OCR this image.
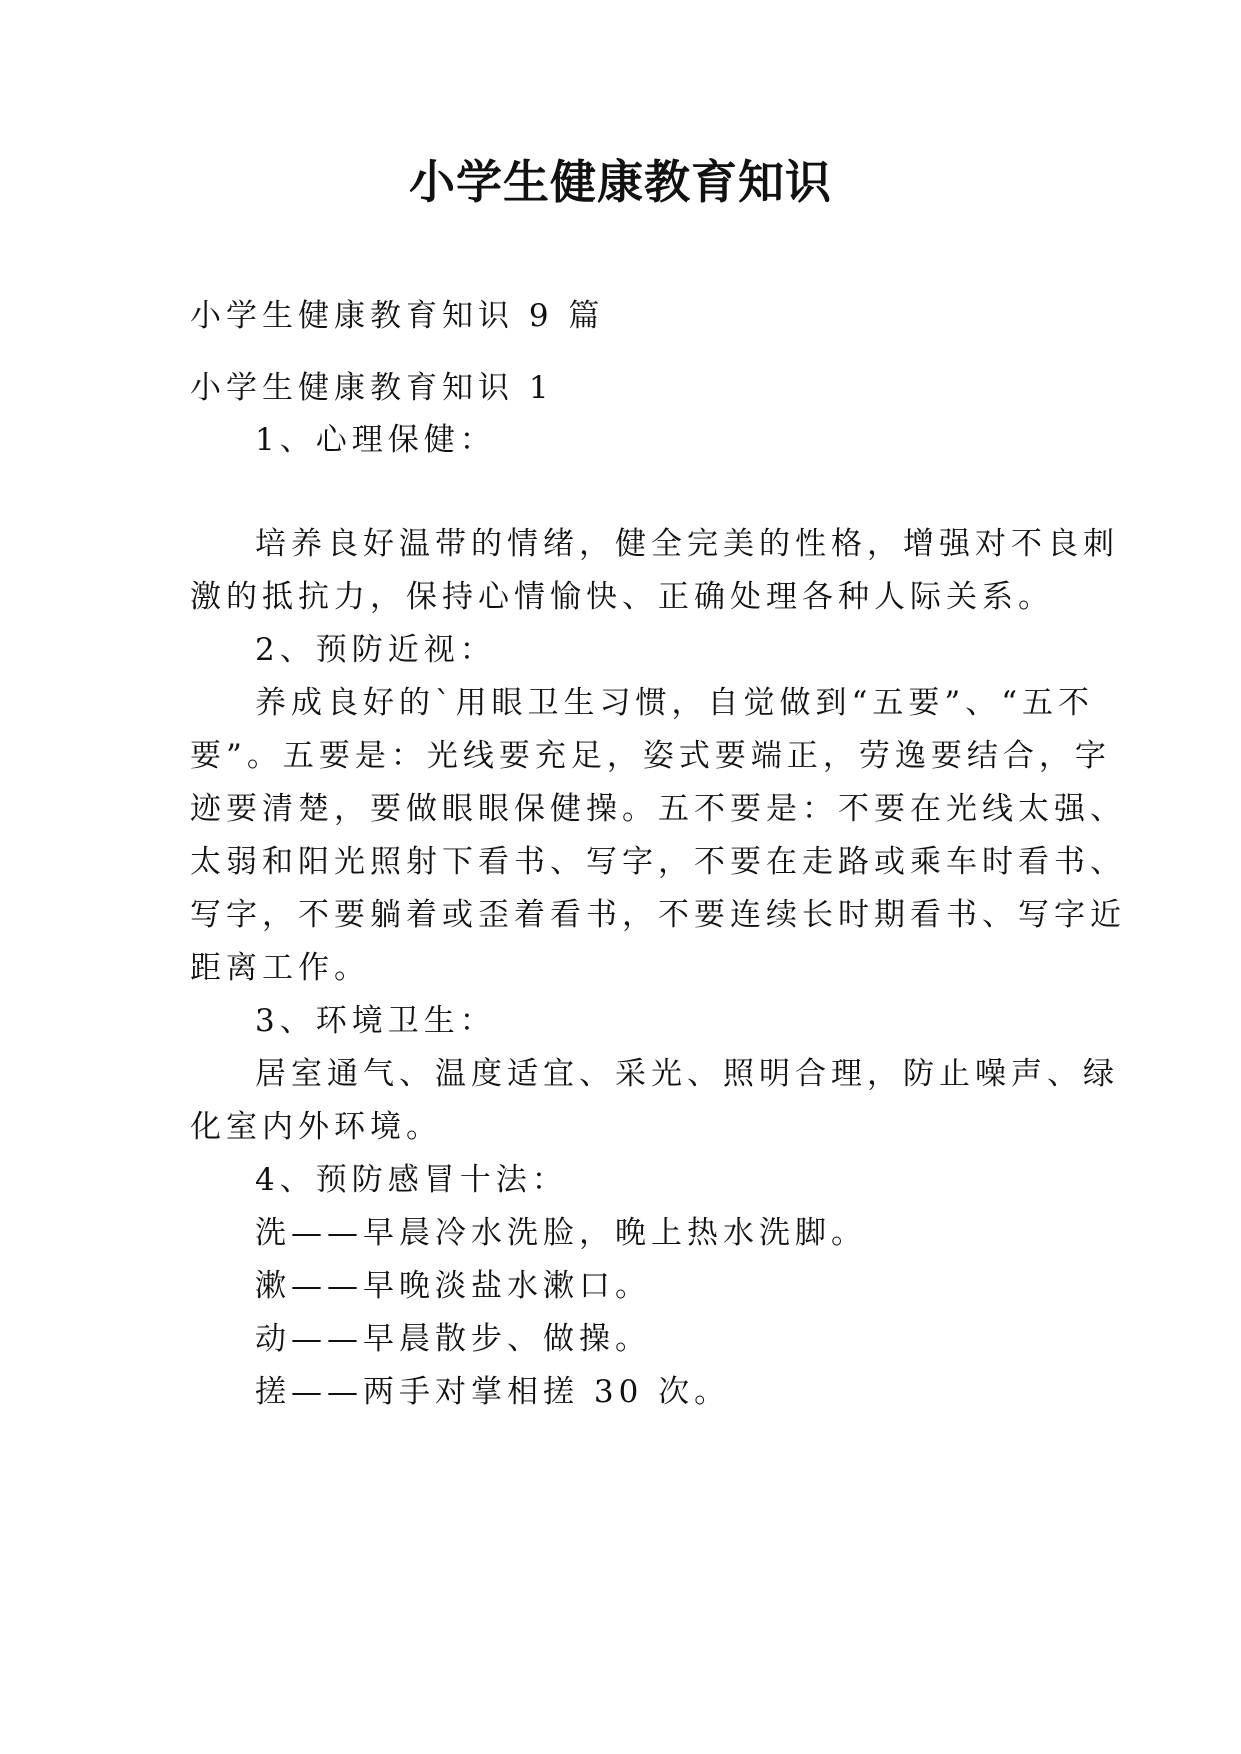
小学生健康教育知识
小学生健康教育知识 9 篇
小学生健康教育知识 1
1、心理保健：
培养良好温带的情绪，健全完美的性格，增强对不良刺
激的抵抗力，保持心情愉快、正确处理各种人际关系。
2、预防近视：
养成良好的`用眼卫生习惯，自觉做到“五要”、“五不
要”。五要是：光线要充足，姿式要端正，劳逸要结合，字
迹要清楚，要做眼眼保健操。五不要是：不要在光线太强、
太弱和阳光照射下看书、写字，不要在走路或乘车时看书、
写字，不要躺着或歪着看书，不要连续长时期看书、写字近
距离工作。
3、环境卫生：
居室通气、温度适宜、采光、照明合理，防止噪声、绿
化室内外环境。
4、预防感冒十法：
洗——早晨冷水洗脸，晚上热水洗脚。
漱——早晚淡盐水漱口。
动——早晨散步、做操。
搓——两手对掌相搓 30 次。
